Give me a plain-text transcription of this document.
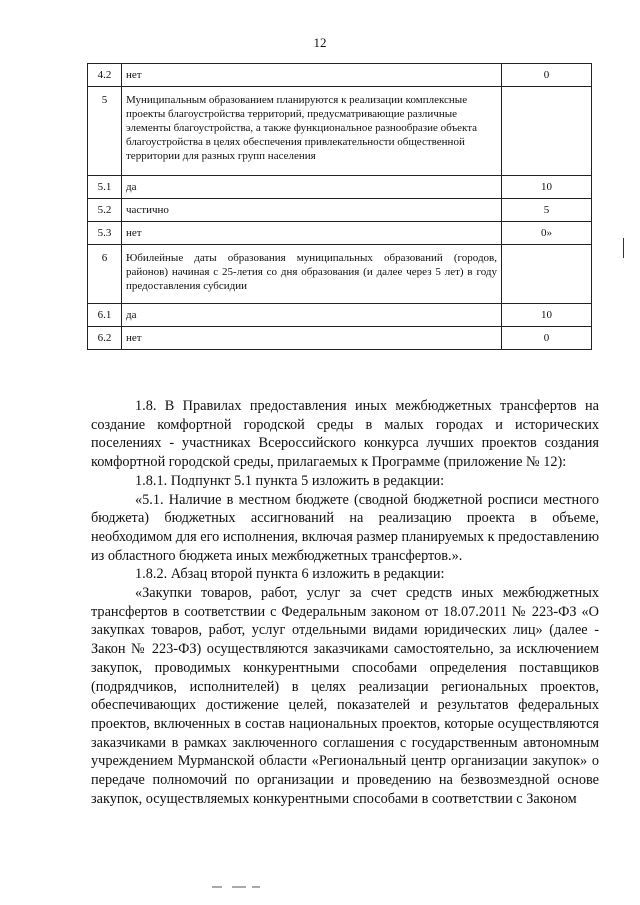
12
4.2	нет	0
5	Муниципальным образованием планируются к реализации комплексные проекты благоустройства территорий, предусматривающие различные элементы благоустройства, а также функциональное разнообразие объекта благоустройства в целях обеспечения привлекательности общественной территории для разных групп населения	
5.1	да	10
5.2	частично	5
5.3	нет	0»
6	Юбилейные даты образования муниципальных образований (городов, районов) начиная с 25-летия со дня образования (и далее через 5 лет) в году предоставления субсидии	
6.1	да	10
6.2	нет	0

1.8. В Правилах предоставления иных межбюджетных трансфертов на создание комфортной городской среды в малых городах и исторических поселениях - участниках Всероссийского конкурса лучших проектов создания комфортной городской среды, прилагаемых к Программе (приложение № 12):

1.8.1. Подпункт 5.1 пункта 5 изложить в редакции:

«5.1. Наличие в местном бюджете (сводной бюджетной росписи местного бюджета) бюджетных ассигнований на реализацию проекта в объеме, необходимом для его исполнения, включая размер планируемых к предоставлению из областного бюджета иных межбюджетных трансфертов.».

1.8.2. Абзац второй пункта 6 изложить в редакции:

«Закупки товаров, работ, услуг за счет средств иных межбюджетных трансфертов в соответствии с Федеральным законом от 18.07.2011 № 223-ФЗ «О закупках товаров, работ, услуг отдельными видами юридических лиц» (далее - Закон № 223-ФЗ) осуществляются заказчиками самостоятельно, за исключением закупок, проводимых конкурентными способами определения поставщиков (подрядчиков, исполнителей) в целях реализации региональных проектов, обеспечивающих достижение целей, показателей и результатов федеральных проектов, включенных в состав национальных проектов, которые осуществляются заказчиками в рамках заключенного соглашения с государственным автономным учреждением Мурманской области «Региональный центр организации закупок» о передаче полномочий по организации и проведению на безвозмездной основе закупок, осуществляемых конкурентными способами в соответствии с Законом
